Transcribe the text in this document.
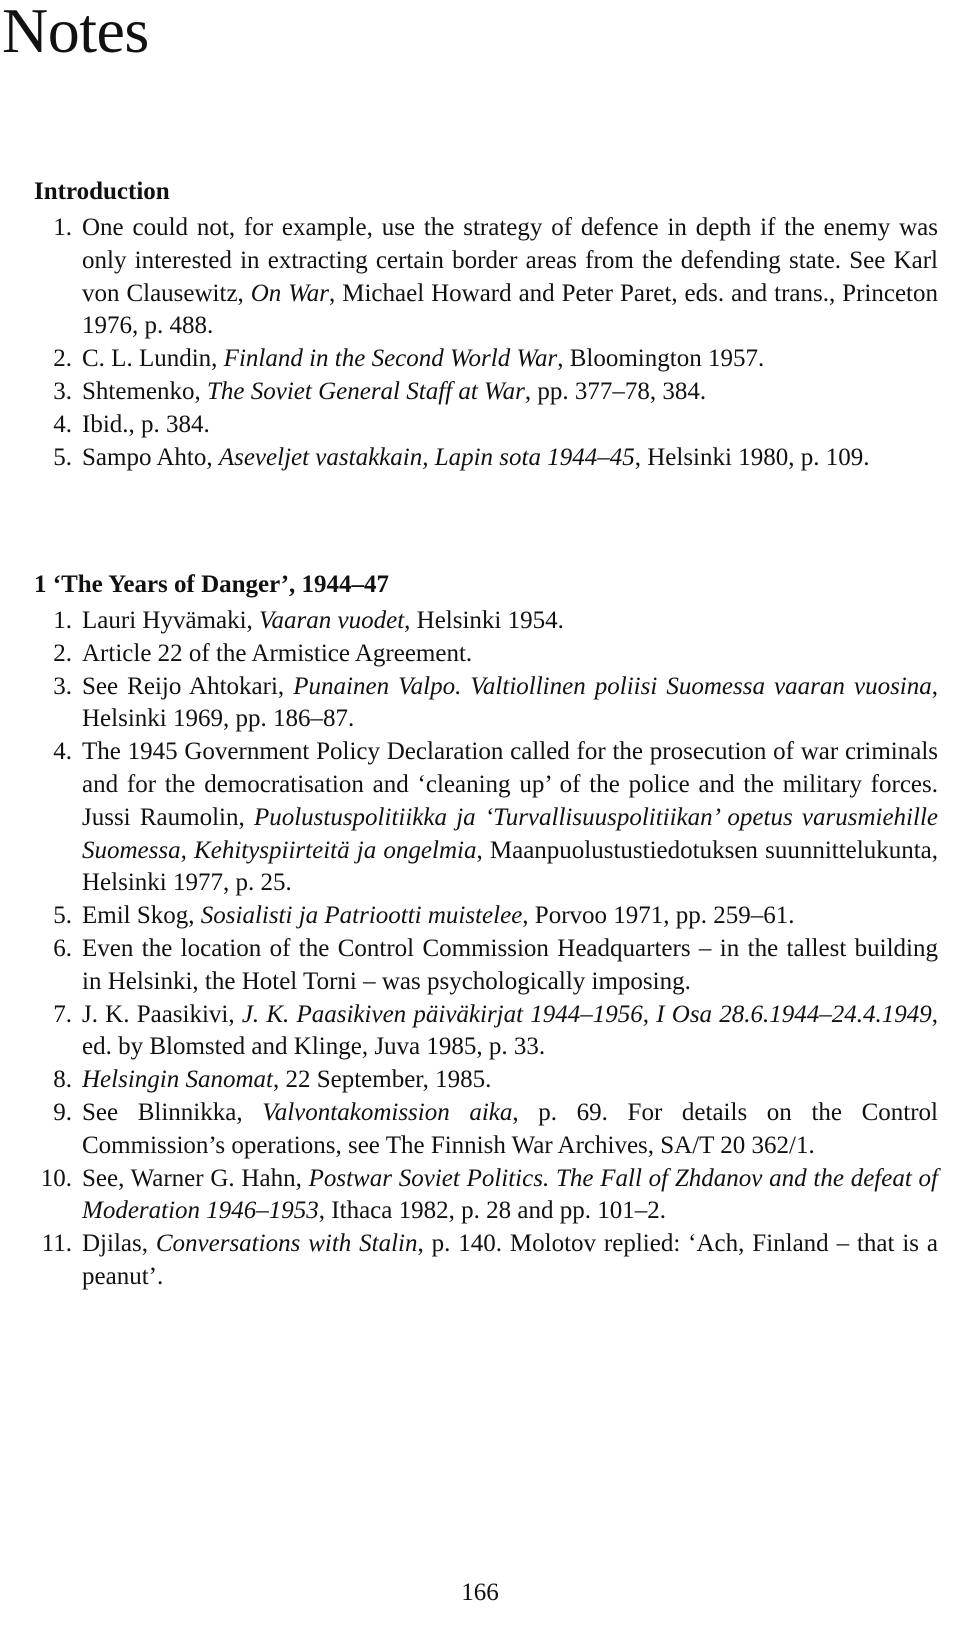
Notes
Introduction
1. One could not, for example, use the strategy of defence in depth if the enemy was only interested in extracting certain border areas from the defending state. See Karl von Clausewitz, On War, Michael Howard and Peter Paret, eds. and trans., Princeton 1976, p. 488.
2. C. L. Lundin, Finland in the Second World War, Bloomington 1957.
3. Shtemenko, The Soviet General Staff at War, pp. 377–78, 384.
4. Ibid., p. 384.
5. Sampo Ahto, Aseveljet vastakkain, Lapin sota 1944–45, Helsinki 1980, p. 109.
1 ‘The Years of Danger’, 1944–47
1. Lauri Hyvämaki, Vaaran vuodet, Helsinki 1954.
2. Article 22 of the Armistice Agreement.
3. See Reijo Ahtokari, Punainen Valpo. Valtiollinen poliisi Suomessa vaaran vuosina, Helsinki 1969, pp. 186–87.
4. The 1945 Government Policy Declaration called for the prosecution of war criminals and for the democratisation and ‘cleaning up’ of the police and the military forces. Jussi Raumolin, Puolustuspolitiikka ja ‘Turvallisuuspolitiikan’ opetus varusmiehille Suomessa, Kehityspiirteitä ja ongelmia, Maanpuolustustiedotuksen suunnittelukunta, Helsinki 1977, p. 25.
5. Emil Skog, Sosialisti ja Patriootti muistelee, Porvoo 1971, pp. 259–61.
6. Even the location of the Control Commission Headquarters – in the tallest building in Helsinki, the Hotel Torni – was psychologically imposing.
7. J. K. Paasikivi, J. K. Paasikiven päiväkirjat 1944–1956, I Osa 28.6.1944–24.4.1949, ed. by Blomsted and Klinge, Juva 1985, p. 33.
8. Helsingin Sanomat, 22 September, 1985.
9. See Blinnikka, Valvontakomission aika, p. 69. For details on the Control Commission’s operations, see The Finnish War Archives, SA/T 20 362/1.
10. See, Warner G. Hahn, Postwar Soviet Politics. The Fall of Zhdanov and the defeat of Moderation 1946–1953, Ithaca 1982, p. 28 and pp. 101–2.
11. Djilas, Conversations with Stalin, p. 140. Molotov replied: ‘Ach, Finland – that is a peanut’.
166
